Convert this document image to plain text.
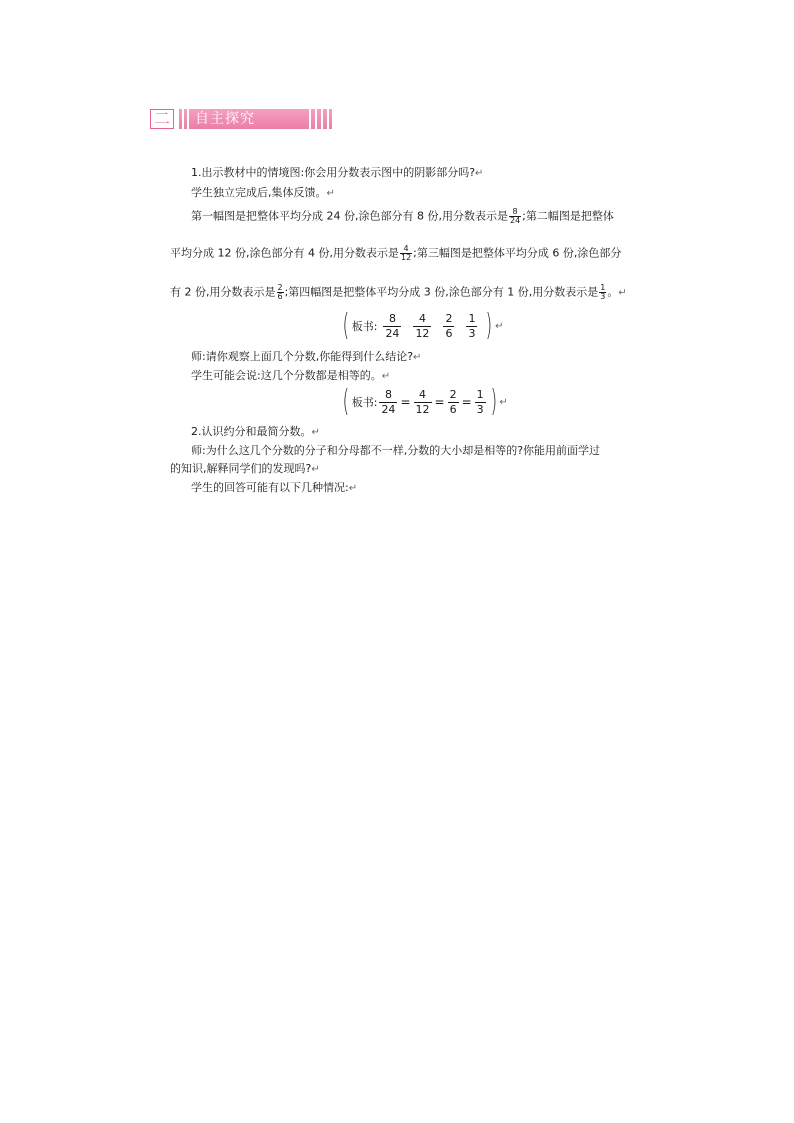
二 自主探究
1.出示教材中的情境图:你会用分数表示图中的阴影部分吗?↵
学生独立完成后,集体反馈。↵
第一幅图是把整体平均分成 24 份,涂色部分有 8 份,用分数表示是 $\frac{8}{24}$ ;第二幅图是把整体
平均分成 12 份,涂色部分有 4 份,用分数表示是 $\frac{4}{12}$ ;第三幅图是把整体平均分成 6 份,涂色部分
有 2 份,用分数表示是 $\frac{2}{6}$ ;第四幅图是把整体平均分成 3 份,涂色部分有 1 份,用分数表示是 $\frac{1}{3}$ 。↵
( 板书: $\frac{8}{24} \frac{4}{12} \frac{2}{6} \frac{1}{3}$ ) ↵
师:请你观察上面几个分数,你能得到什么结论?↵
学生可能会说:这几个分数都是相等的。↵
( 板书: $\frac{8}{24} = \frac{4}{12} = \frac{2}{6} = \frac{1}{3}$ ) ↵
2.认识约分和最简分数。↵
师:为什么这几个分数的分子和分母都不一样,分数的大小却是相等的?你能用前面学过
的知识,解释同学们的发现吗?↵
学生的回答可能有以下几种情况:↵
